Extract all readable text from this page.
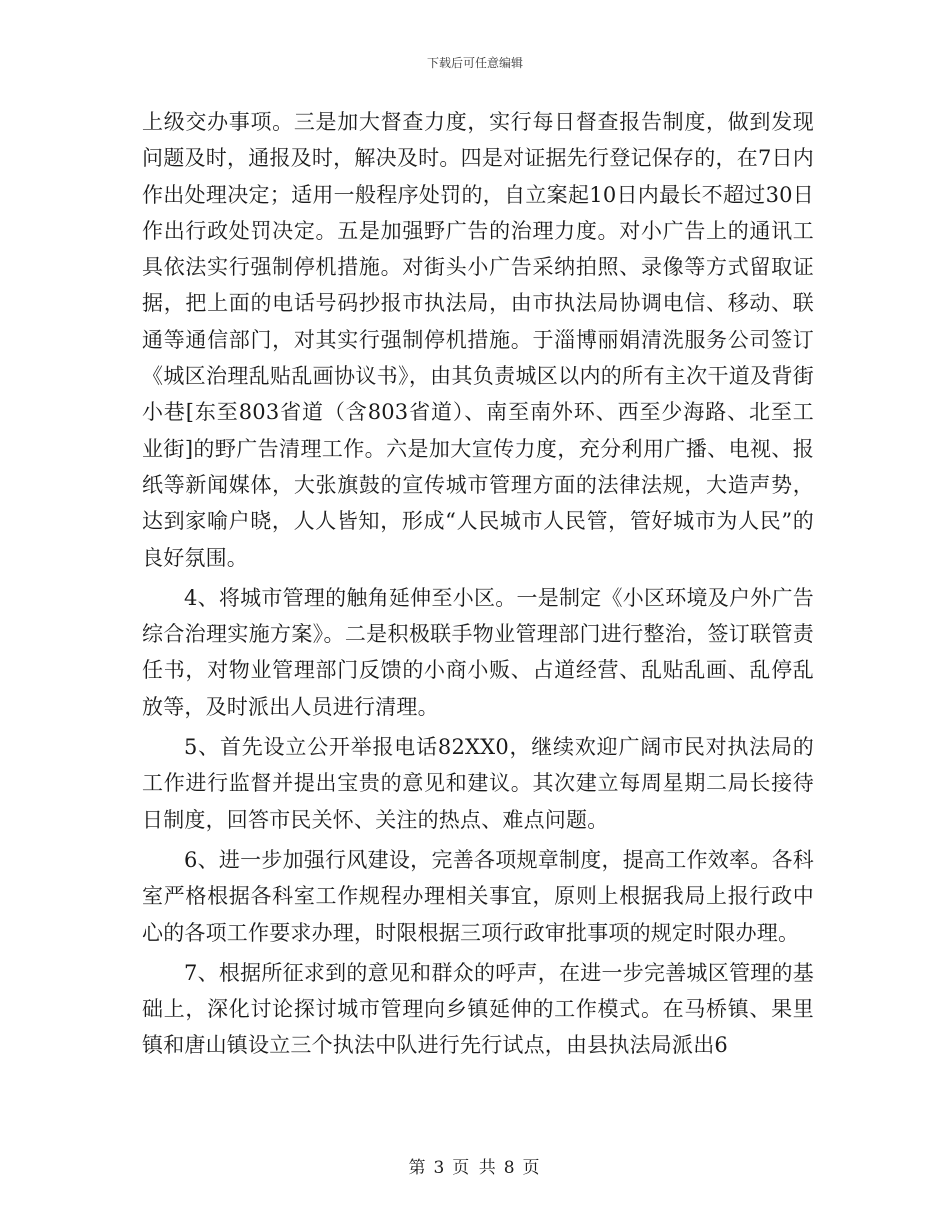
下载后可任意编辑

上级交办事项。三是加大督查力度，实行每日督查报告制度，做到发现问题及时，通报及时，解决及时。四是对证据先行登记保存的，在7日内作出处理决定；适用一般程序处罚的，自立案起10日内最长不超过30日作出行政处罚决定。五是加强野广告的治理力度。对小广告上的通讯工具依法实行强制停机措施。对街头小广告采纳拍照、录像等方式留取证据，把上面的电话号码抄报市执法局，由市执法局协调电信、移动、联通等通信部门，对其实行强制停机措施。于淄博丽娟清洗服务公司签订《城区治理乱贴乱画协议书》，由其负责城区以内的所有主次干道及背街小巷[东至803省道（含803省道）、南至南外环、西至少海路、北至工业街]的野广告清理工作。六是加大宣传力度，充分利用广播、电视、报纸等新闻媒体，大张旗鼓的宣传城市管理方面的法律法规，大造声势，达到家喻户晓，人人皆知，形成“人民城市人民管，管好城市为人民”的良好氛围。

4、将城市管理的触角延伸至小区。一是制定《小区环境及户外广告综合治理实施方案》。二是积极联手物业管理部门进行整治，签订联管责任书，对物业管理部门反馈的小商小贩、占道经营、乱贴乱画、乱停乱放等，及时派出人员进行清理。

5、首先设立公开举报电话82XX0，继续欢迎广阔市民对执法局的工作进行监督并提出宝贵的意见和建议。其次建立每周星期二局长接待日制度，回答市民关怀、关注的热点、难点问题。

6、进一步加强行风建设，完善各项规章制度，提高工作效率。各科室严格根据各科室工作规程办理相关事宜，原则上根据我局上报行政中心的各项工作要求办理，时限根据三项行政审批事项的规定时限办理。

7、根据所征求到的意见和群众的呼声，在进一步完善城区管理的基础上，深化讨论探讨城市管理向乡镇延伸的工作模式。在马桥镇、果里镇和唐山镇设立三个执法中队进行先行试点，由县执法局派出6

第 3 页 共 8 页
